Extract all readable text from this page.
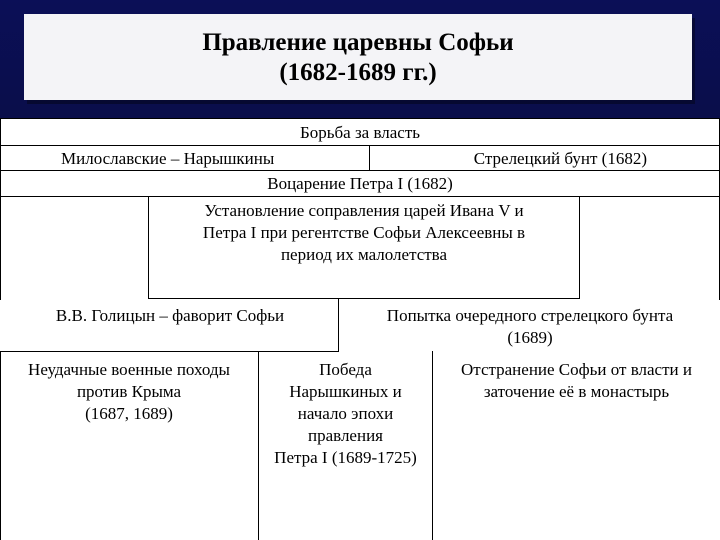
Правление царевны Софьи
(1682-1689 гг.)
Борьба за власть
Милославские – Нарышкины	Стрелецкий бунт (1682)
Воцарение Петра I (1682)
Установление соправления царей Ивана V и
Петра I при регентстве Софьи Алексеевны в
период их малолетства
В.В. Голицын – фаворит Софьи	Попытка очередного стрелецкого бунта
(1689)
Неудачные военные походы
против Крыма
(1687, 1689)
Победа
Нарышкиных и
начало эпохи
правления
Петра I (1689-1725)
Отстранение Софьи от власти и
заточение её в монастырь
